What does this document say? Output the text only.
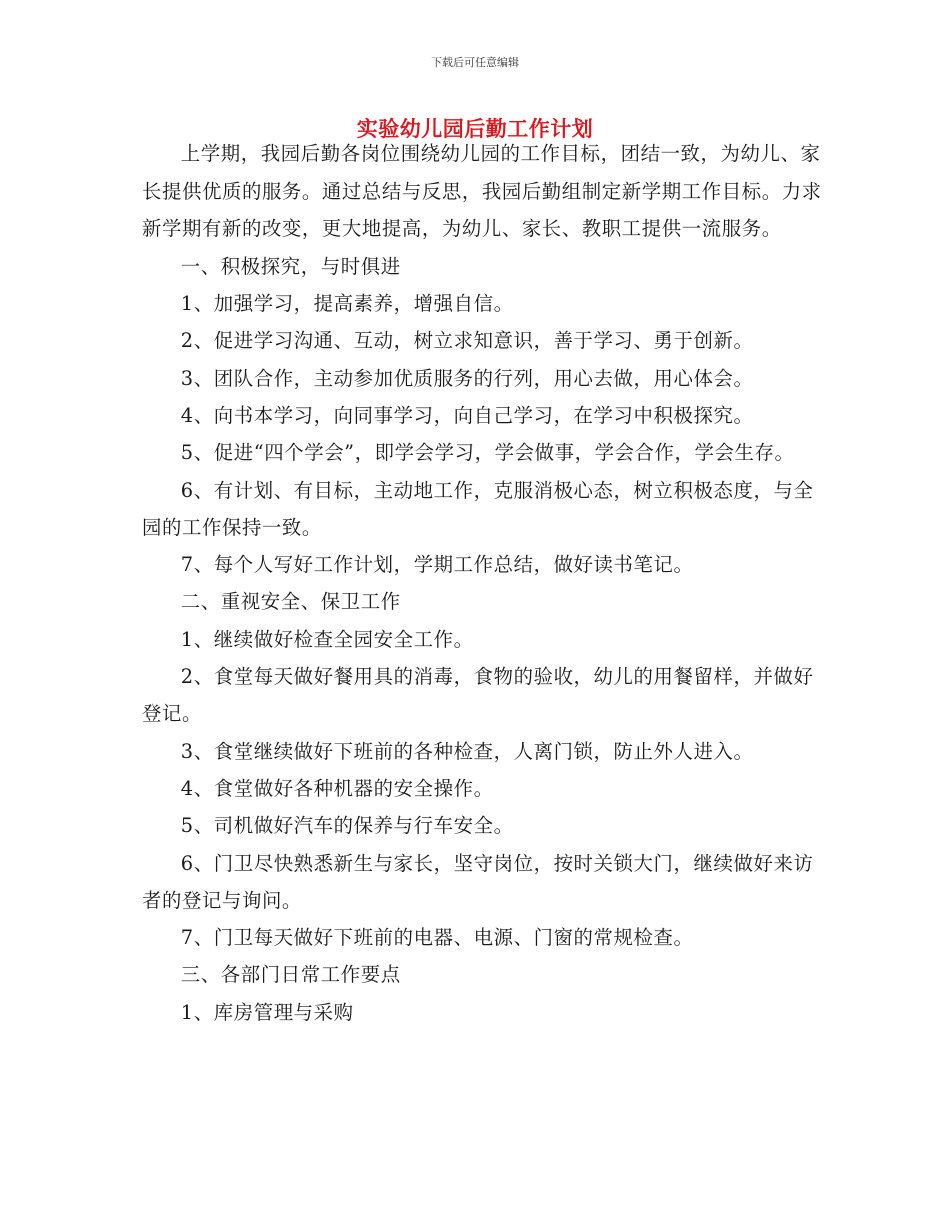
下载后可任意编辑
实验幼儿园后勤工作计划

上学期，我园后勤各岗位围绕幼儿园的工作目标，团结一致，为幼儿、家长提供优质的服务。通过总结与反思，我园后勤组制定新学期工作目标。力求新学期有新的改变，更大地提高，为幼儿、家长、教职工提供一流服务。

一、积极探究，与时俱进

1、加强学习，提高素养，增强自信。

2、促进学习沟通、互动，树立求知意识，善于学习、勇于创新。

3、团队合作，主动参加优质服务的行列，用心去做，用心体会。

4、向书本学习，向同事学习，向自己学习，在学习中积极探究。

5、促进“四个学会”，即学会学习，学会做事，学会合作，学会生存。

6、有计划、有目标，主动地工作，克服消极心态，树立积极态度，与全园的工作保持一致。

7、每个人写好工作计划，学期工作总结，做好读书笔记。

二、重视安全、保卫工作

1、继续做好检查全园安全工作。

2、食堂每天做好餐用具的消毒，食物的验收，幼儿的用餐留样，并做好登记。

3、食堂继续做好下班前的各种检查，人离门锁，防止外人进入。

4、食堂做好各种机器的安全操作。

5、司机做好汽车的保养与行车安全。

6、门卫尽快熟悉新生与家长，坚守岗位，按时关锁大门，继续做好来访者的登记与询问。

7、门卫每天做好下班前的电器、电源、门窗的常规检查。

三、各部门日常工作要点

1、库房管理与采购
